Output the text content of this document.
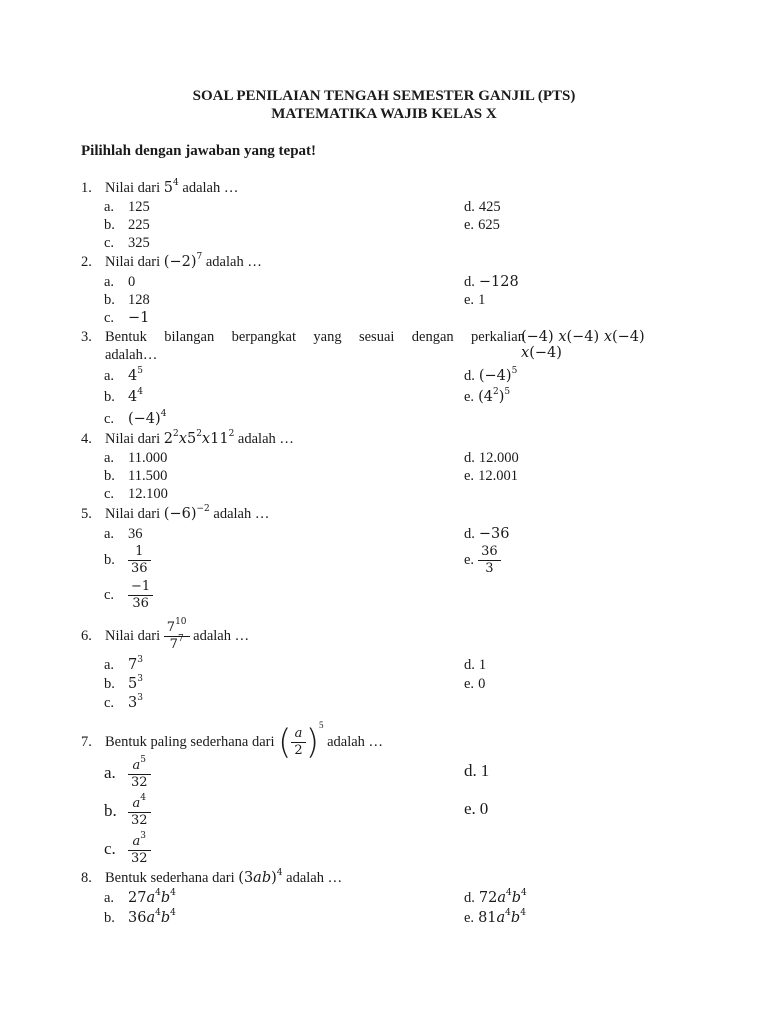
SOAL PENILAIAN TENGAH SEMESTER GANJIL (PTS)
MATEMATIKA WAJIB KELAS X
Pilihlah dengan jawaban yang tepat!
1. Nilai dari $5^4$ adalah …
a. 125
b. 225
c. 325
d. 425
e. 625
2. Nilai dari $(-2)^7$ adalah …
a. 0
b. 128
c. −1
d. −128
e. 1
3. Bentuk bilangan berpangkat yang sesuai dengan perkalian
(−4) x(−4) x(−4) x(−4)
adalah…
a. $4^5$
b. $4^4$
c. $(-4)^4$
d. $(-4)^5$
e. $(4^2)^5$
4. Nilai dari $2^2x5^2x11^2$ adalah …
a. 11.000
b. 11.500
c. 12.100
d. 12.000
e. 12.001
5. Nilai dari $(-6)^{-2}$ adalah …
a. 36
b. $\frac{1}{36}$
c. $\frac{-1}{36}$
d. −36
e. $\frac{36}{3}$
6. Nilai dari $\frac{7^{10}}{7^7}$ adalah …
a. $7^3$
b. $5^3$
c. $3^3$
d. 1
e. 0
7. Bentuk paling sederhana dari ( $\frac{a}{2} )^5$ adalah …
a. $\frac{a^5}{32}$
b. $\frac{a^4}{32}$
c. $\frac{a^3}{32}$
d. 1
e. 0
8. Bentuk sederhana dari $(3ab)^4$ adalah …
a. $27a^4b^4$
b. $36a^4b^4$
d. $72a^4b^4$
e. $81a^4b^4$
